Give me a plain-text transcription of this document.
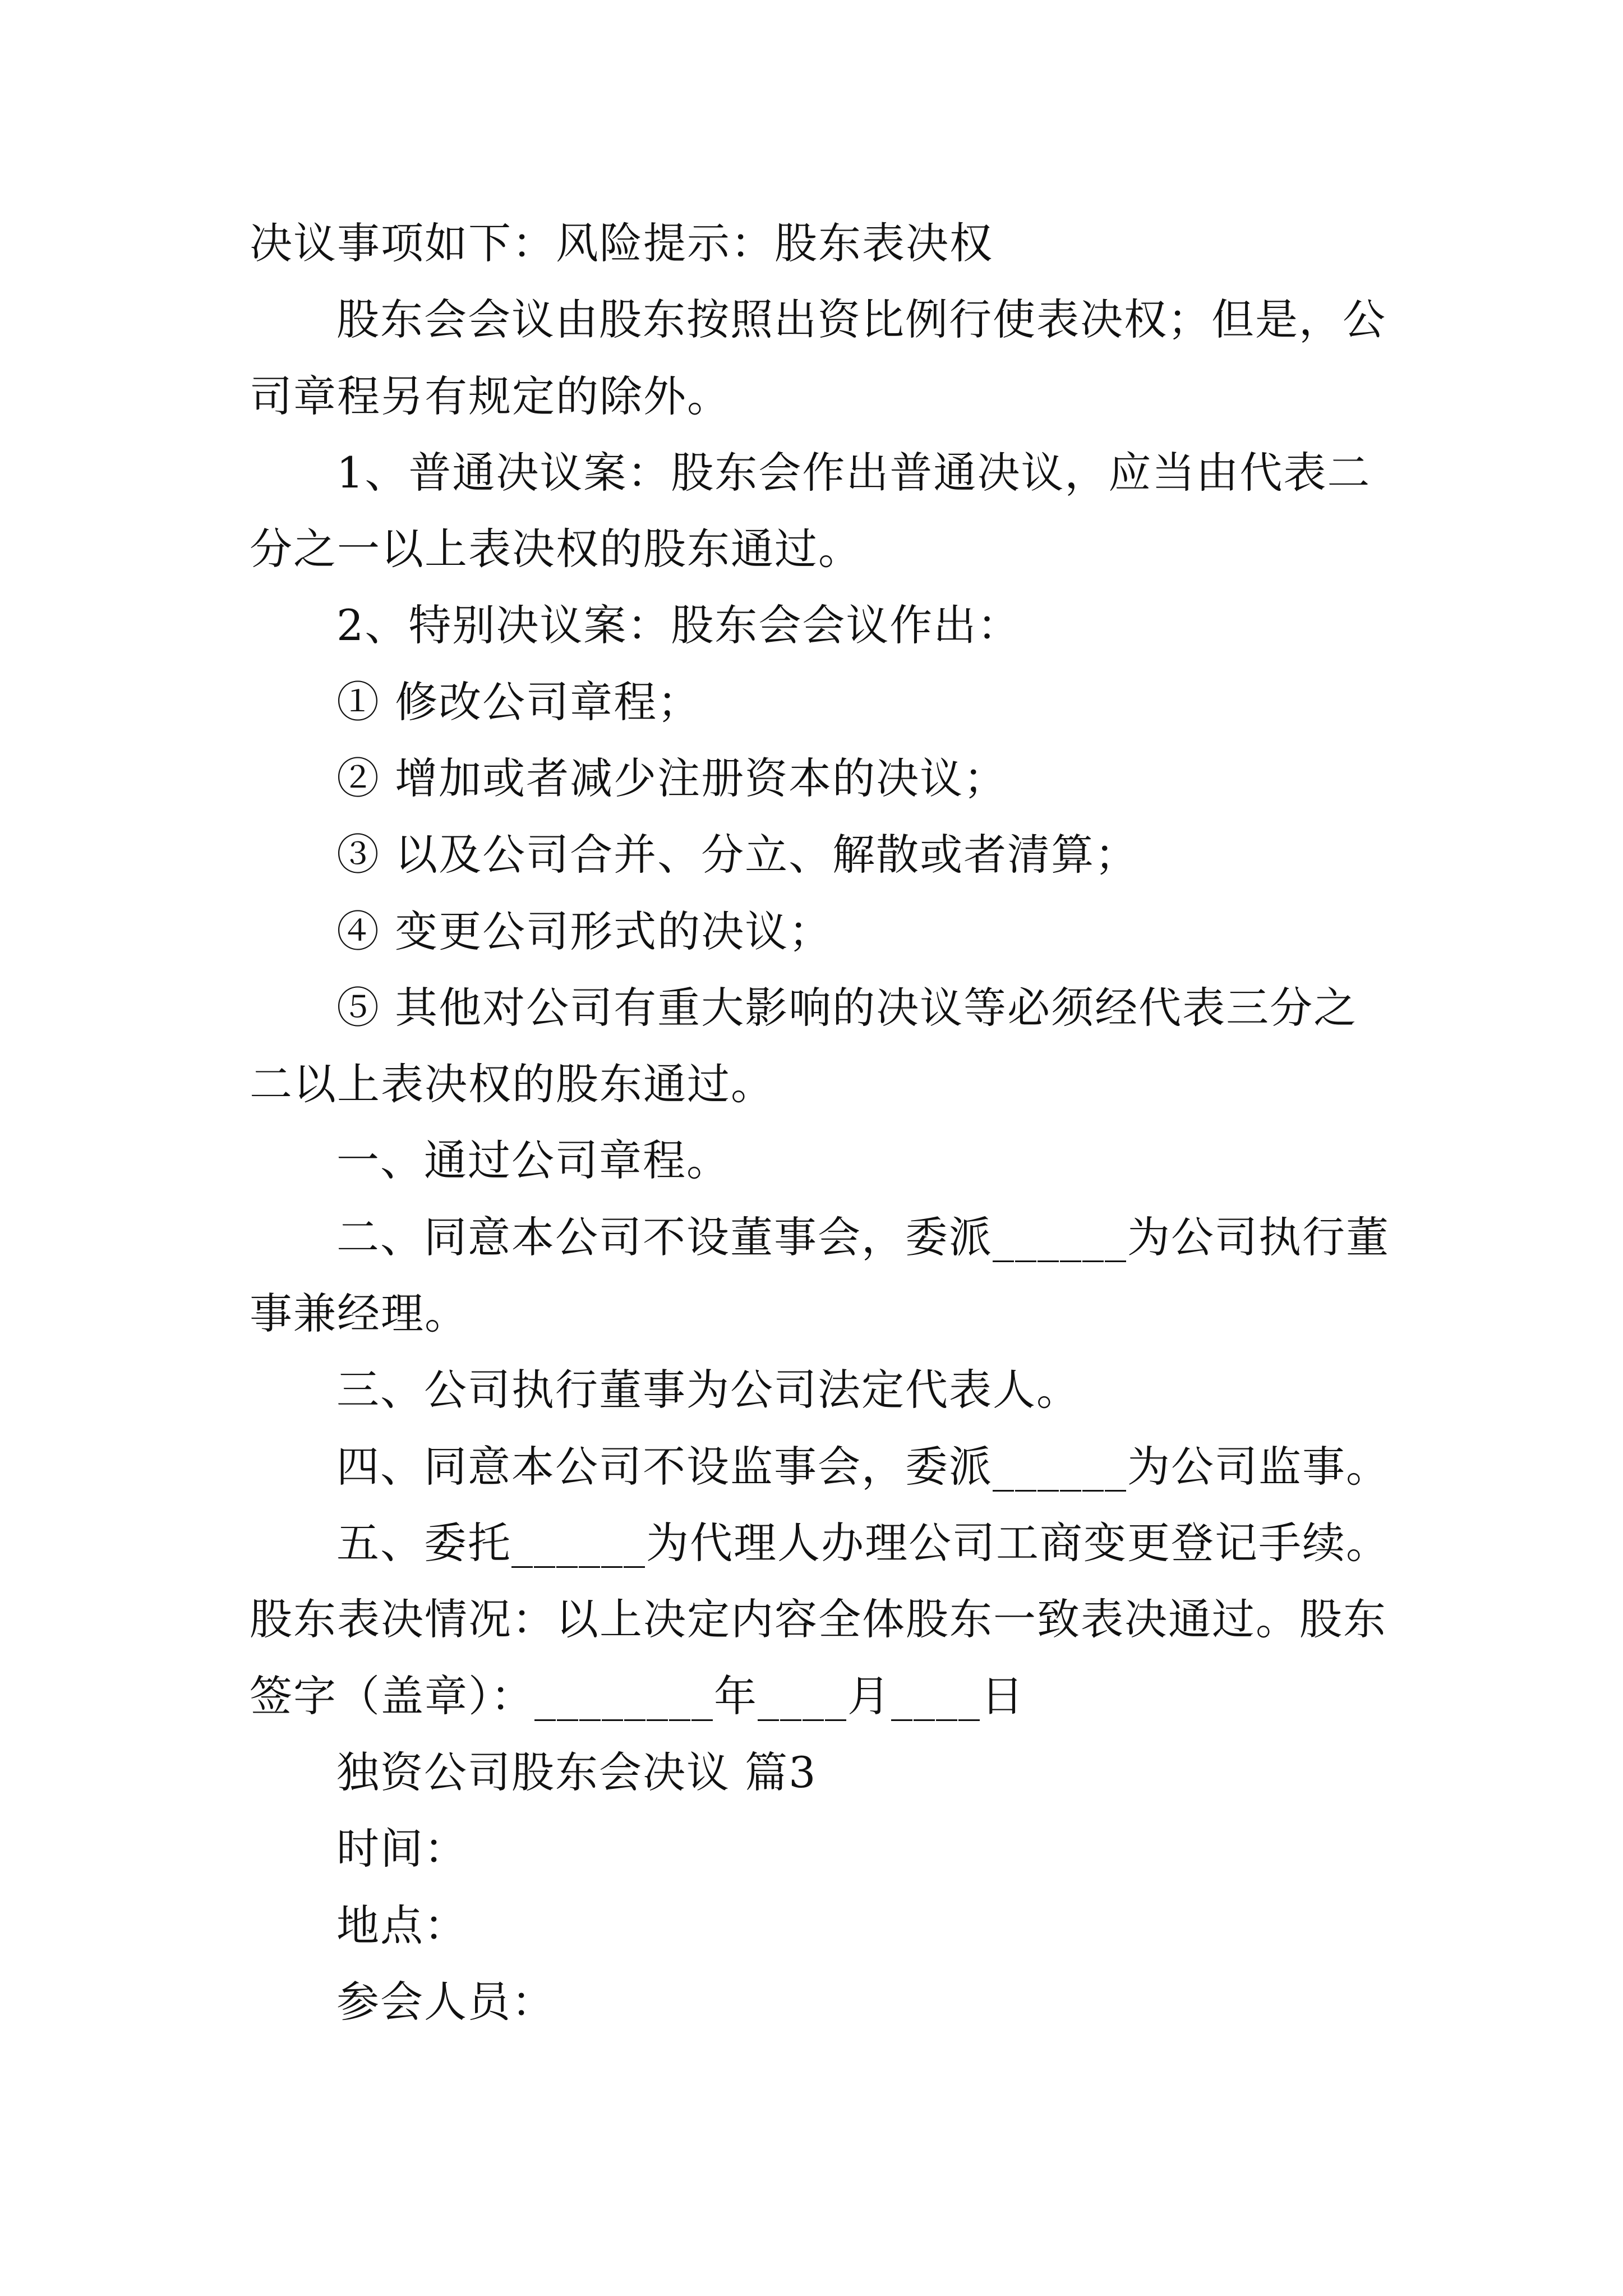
决议事项如下：风险提示：股东表决权
股东会会议由股东按照出资比例行使表决权；但是，公
司章程另有规定的除外。
1、普通决议案：股东会作出普通决议，应当由代表二
分之一以上表决权的股东通过。
2、特别决议案：股东会会议作出：
① 修改公司章程；
② 增加或者减少注册资本的决议；
③ 以及公司合并、分立、解散或者清算；
④ 变更公司形式的决议；
⑤ 其他对公司有重大影响的决议等必须经代表三分之
二以上表决权的股东通过。
一、通过公司章程。
二、同意本公司不设董事会，委派______为公司执行董
事兼经理。
三、公司执行董事为公司法定代表人。
四、同意本公司不设监事会，委派______为公司监事。
五、委托______为代理人办理公司工商变更登记手续。
股东表决情况：以上决定内容全体股东一致表决通过。股东
签字（盖章）：________年____月____日
独资公司股东会决议 篇3
时间：
地点：
参会人员：
